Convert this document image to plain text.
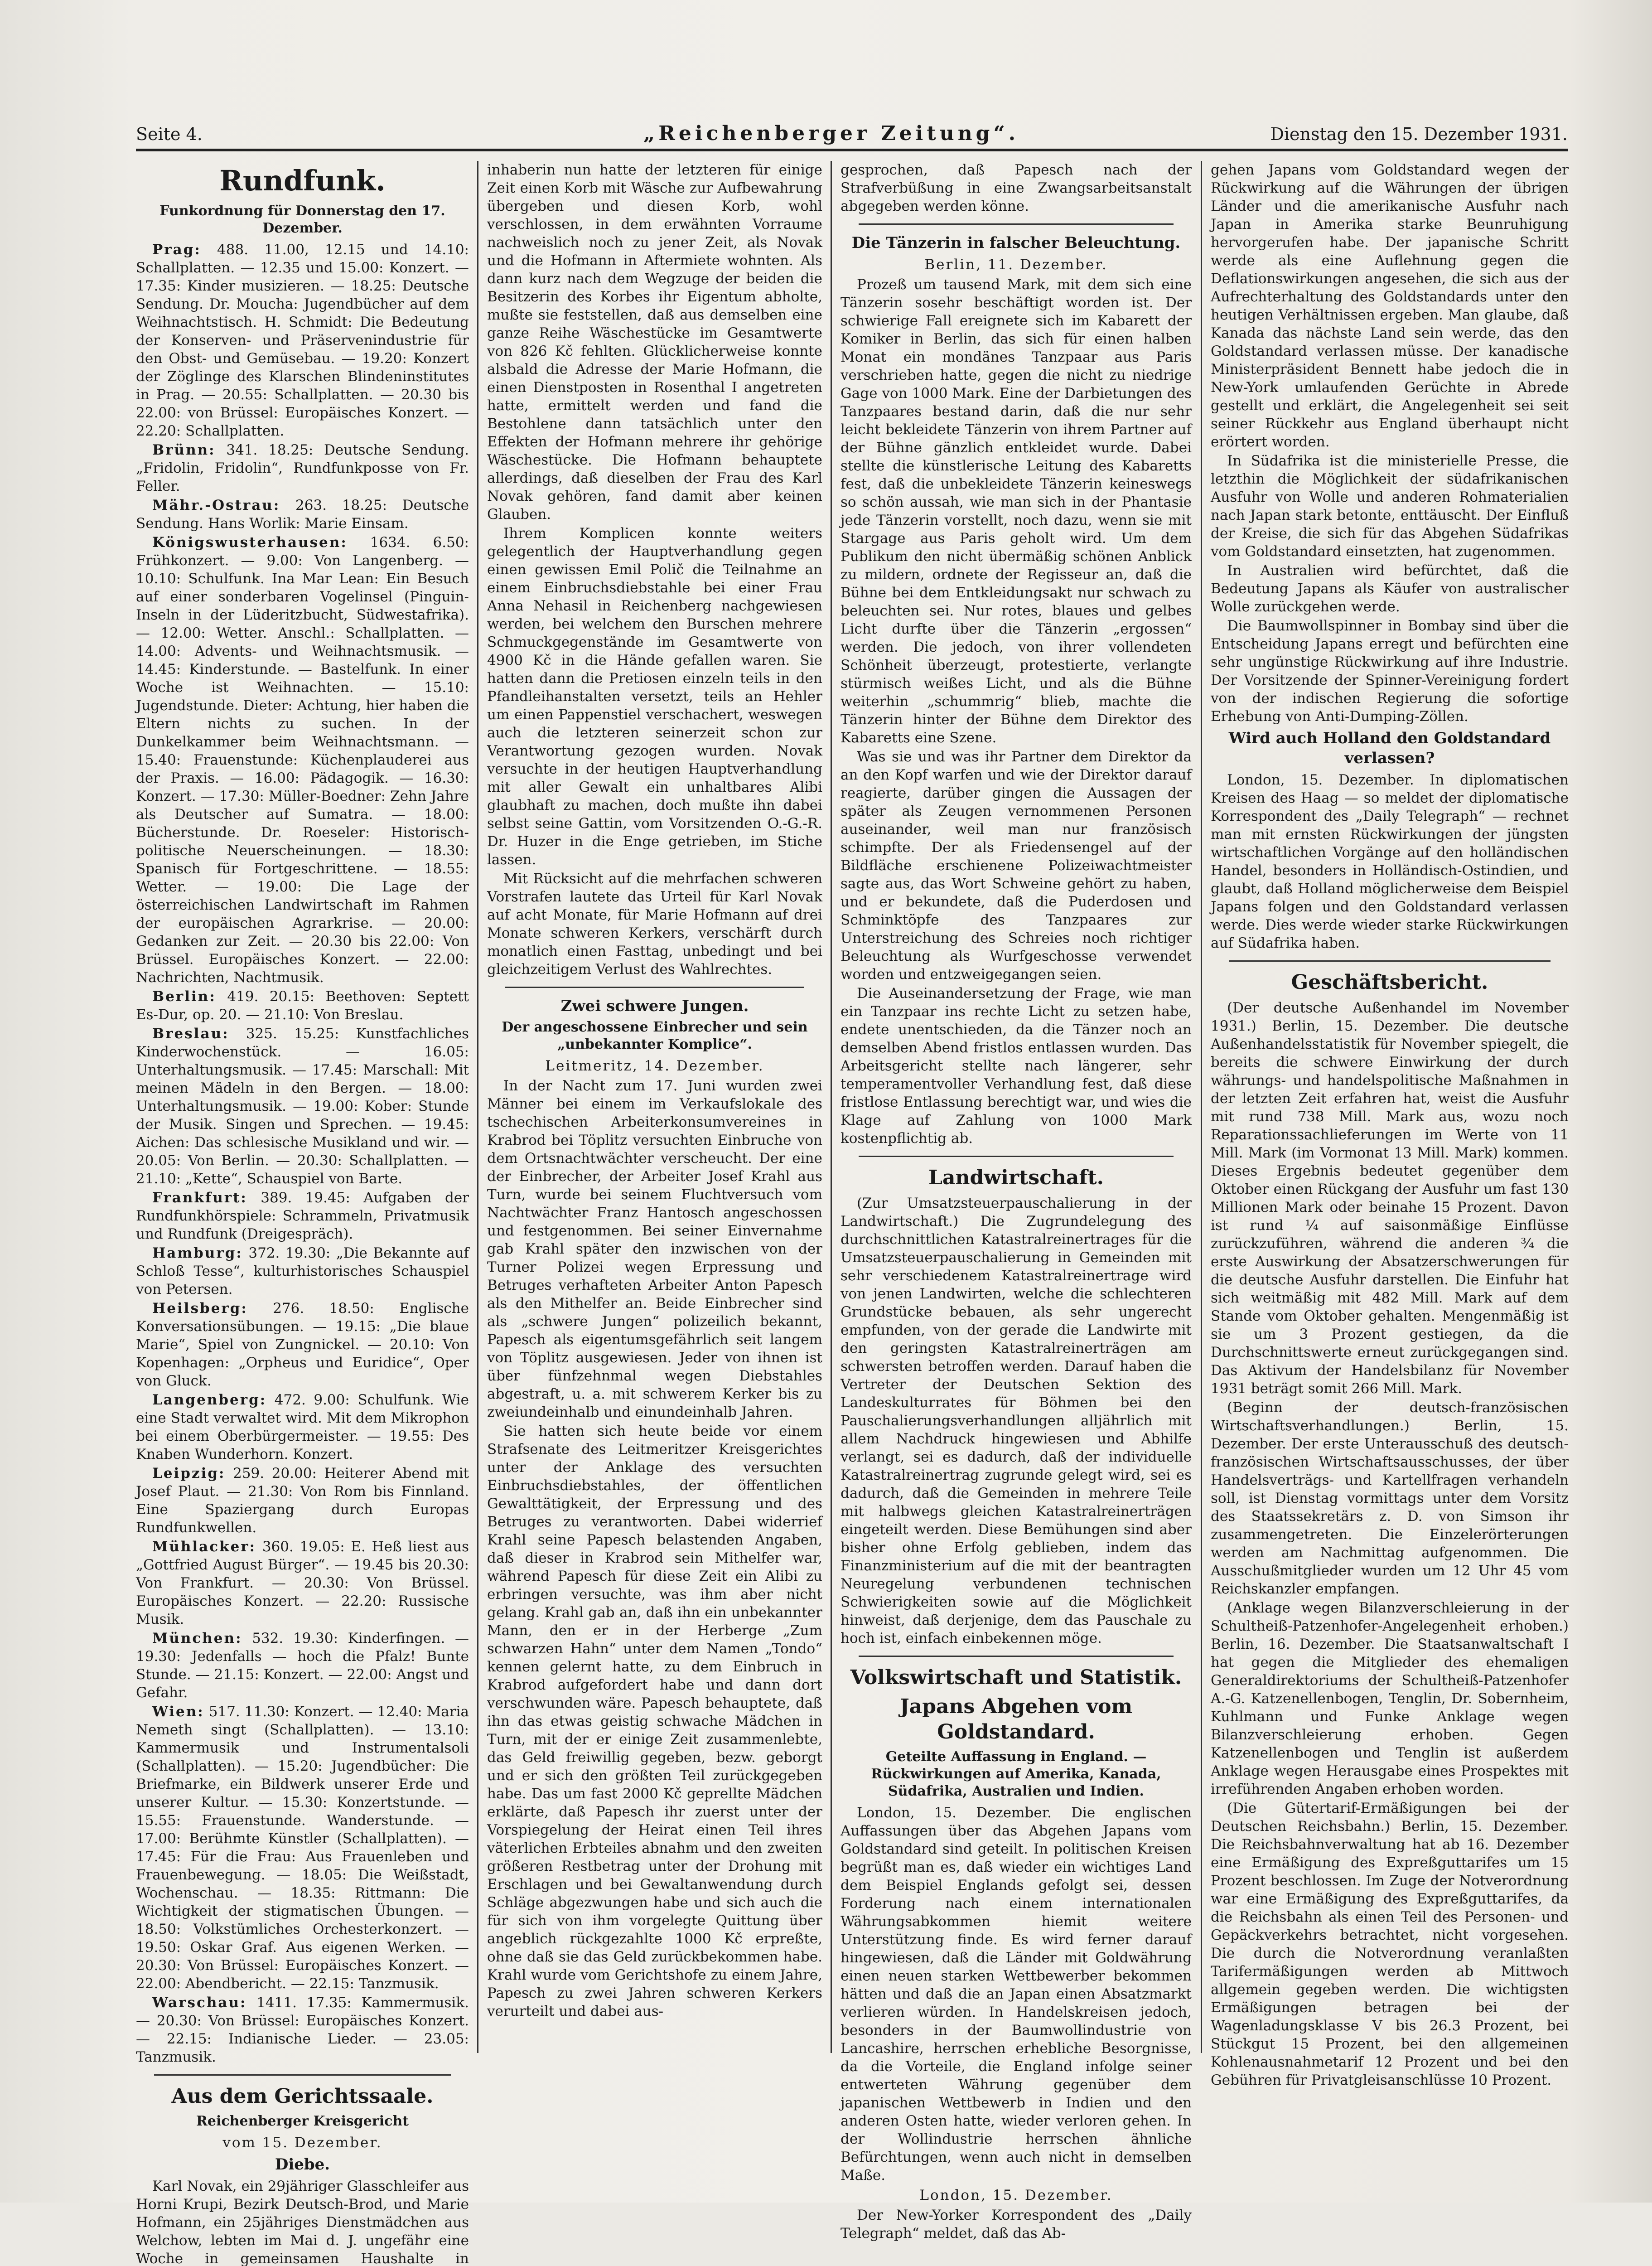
Seite 4.	„Reichenberger Zeitung“.	Dienstag den 15. Dezember 1931.
Rundfunk.
Funkordnung für Donnerstag den 17. Dezember.

Prag: 488. 11.00, 12.15 und 14.10: Schallplatten. — 12.35 und 15.00: Konzert. — 17.35: Kinder musizieren. — 18.25: Deutsche Sendung. Dr. Moucha: Jugendbücher auf dem Weihnachtstisch. H. Schmidt: Die Bedeutung der Konserven- und Präservenindustrie für den Obst- und Gemüsebau. — 19.20: Konzert der Zöglinge des Klarschen Blindeninstitutes in Prag. — 20.55: Schallplatten. — 20.30 bis 22.00: von Brüssel: Europäisches Konzert. — 22.20: Schallplatten.

Brünn: 341. 18.25: Deutsche Sendung. „Fridolin, Fridolin“, Rundfunkposse von Fr. Feller.

Mähr.-Ostrau: 263. 18.25: Deutsche Sendung. Hans Worlik: Marie Einsam.

Königswusterhausen: 1634. 6.50: Frühkonzert. — 9.00: Von Langenberg. — 10.10: Schulfunk. Ina Mar Lean: Ein Besuch auf einer sonderbaren Vogelinsel (Pinguin-Inseln in der Lüderitzbucht, Südwestafrika). — 12.00: Wetter. Anschl.: Schallplatten. — 14.00: Advents- und Weihnachtsmusik. — 14.45: Kinderstunde. — Bastelfunk. In einer Woche ist Weihnachten. — 15.10: Jugendstunde. Dieter: Achtung, hier haben die Eltern nichts zu suchen. In der Dunkelkammer beim Weihnachtsmann. — 15.40: Frauenstunde: Küchenplauderei aus der Praxis. — 16.00: Pädagogik. — 16.30: Konzert. — 17.30: Müller-Boedner: Zehn Jahre als Deutscher auf Sumatra. — 18.00: Bücherstunde. Dr. Roeseler: Historisch-politische Neuerscheinungen. — 18.30: Spanisch für Fortgeschrittene. — 18.55: Wetter. — 19.00: Die Lage der österreichischen Landwirtschaft im Rahmen der europäischen Agrarkrise. — 20.00: Gedanken zur Zeit. — 20.30 bis 22.00: Von Brüssel. Europäisches Konzert. — 22.00: Nachrichten, Nachtmusik.

Berlin: 419. 20.15: Beethoven: Septett Es-Dur, op. 20. — 21.10: Von Breslau.

Breslau: 325. 15.25: Kunstfachliches Kinderwochenstück. — 16.05: Unterhaltungsmusik. — 17.45: Marschall: Mit meinen Mädeln in den Bergen. — 18.00: Unterhaltungsmusik. — 19.00: Kober: Stunde der Musik. Singen und Sprechen. — 19.45: Aichen: Das schlesische Musikland und wir. — 20.05: Von Berlin. — 20.30: Schallplatten. — 21.10: „Kette“, Schauspiel von Barte.

Frankfurt: 389. 19.45: Aufgaben der Rundfunkhörspiele: Schrammeln, Privatmusik und Rundfunk (Dreigespräch).

Hamburg: 372. 19.30: „Die Bekannte auf Schloß Tesse“, kulturhistorisches Schauspiel von Petersen.

Heilsberg: 276. 18.50: Englische Konversationsübungen. — 19.15: „Die blaue Marie“, Spiel von Zungnickel. — 20.10: Von Kopenhagen: „Orpheus und Euridice“, Oper von Gluck.

Langenberg: 472. 9.00: Schulfunk. Wie eine Stadt verwaltet wird. Mit dem Mikrophon bei einem Oberbürgermeister. — 19.55: Des Knaben Wunderhorn. Konzert.

Leipzig: 259. 20.00: Heiterer Abend mit Josef Plaut. — 21.30: Von Rom bis Finnland. Eine Spaziergang durch Europas Rundfunkwellen.

Mühlacker: 360. 19.05: E. Heß liest aus „Gottfried August Bürger“. — 19.45 bis 20.30: Von Frankfurt. — 20.30: Von Brüssel. Europäisches Konzert. — 22.20: Russische Musik.

München: 532. 19.30: Kinderfingen. — 19.30: Jedenfalls — hoch die Pfalz! Bunte Stunde. — 21.15: Konzert. — 22.00: Angst und Gefahr.

Wien: 517. 11.30: Konzert. — 12.40: Maria Nemeth singt (Schallplatten). — 13.10: Kammermusik und Instrumentalsoli (Schallplatten). — 15.20: Jugendbücher: Die Briefmarke, ein Bildwerk unserer Erde und unserer Kultur. — 15.30: Konzertstunde. — 15.55: Frauenstunde. Wanderstunde. — 17.00: Berühmte Künstler (Schallplatten). — 17.45: Für die Frau: Aus Frauenleben und Frauenbewegung. — 18.05: Die Weißstadt, Wochenschau. — 18.35: Rittmann: Die Wichtigkeit der stigmatischen Übungen. — 18.50: Volkstümliches Orchesterkonzert. — 19.50: Oskar Graf. Aus eigenen Werken. — 20.30: Von Brüssel: Europäisches Konzert. — 22.00: Abendbericht. — 22.15: Tanzmusik.

Warschau: 1411. 17.35: Kammermusik. — 20.30: Von Brüssel: Europäisches Konzert. — 22.15: Indianische Lieder. — 23.05: Tanzmusik.

Aus dem Gerichtssaale.
Reichenberger Kreisgericht
vom 15. Dezember.
Diebe.

Karl Novak, ein 29jähriger Glasschleifer aus Horni Krupi, Bezirk Deutsch-Brod, und Marie Hofmann, ein 25jähriges Dienstmädchen aus Welchow, lebten im Mai d. J. ungefähr eine Woche in gemeinsamen Haushalte in

inhaberin nun hatte der letzteren für einige Zeit einen Korb mit Wäsche zur Aufbewahrung übergeben und diesen Korb, wohl verschlossen, in dem erwähnten Vorraume nachweislich noch zu jener Zeit, als Novak und die Hofmann in Aftermiete wohnten. Als dann kurz nach dem Wegzuge der beiden die Besitzerin des Korbes ihr Eigentum abholte, mußte sie feststellen, daß aus demselben eine ganze Reihe Wäschestücke im Gesamtwerte von 826 Kč fehlten. Glücklicherweise konnte alsbald die Adresse der Marie Hofmann, die einen Dienstposten in Rosenthal I angetreten hatte, ermittelt werden und fand die Bestohlene dann tatsächlich unter den Effekten der Hofmann mehrere ihr gehörige Wäschestücke. Die Hofmann behauptete allerdings, daß dieselben der Frau des Karl Novak gehören, fand damit aber keinen Glauben.

Ihrem Komplicen konnte weiters gelegentlich der Hauptverhandlung gegen einen gewissen Emil Polič die Teilnahme an einem Einbruchsdiebstahle bei einer Frau Anna Nehasil in Reichenberg nachgewiesen werden, bei welchem den Burschen mehrere Schmuckgegenstände im Gesamtwerte von 4900 Kč in die Hände gefallen waren. Sie hatten dann die Pretiosen einzeln teils in den Pfandleihanstalten versetzt, teils an Hehler um einen Pappenstiel verschachert, weswegen auch die letzteren seinerzeit schon zur Verantwortung gezogen wurden. Novak versuchte in der heutigen Hauptverhandlung mit aller Gewalt ein unhaltbares Alibi glaubhaft zu machen, doch mußte ihn dabei selbst seine Gattin, vom Vorsitzenden O.-G.-R. Dr. Huzer in die Enge getrieben, im Stiche lassen.

Mit Rücksicht auf die mehrfachen schweren Vorstrafen lautete das Urteil für Karl Novak auf acht Monate, für Marie Hofmann auf drei Monate schweren Kerkers, verschärft durch monatlich einen Fasttag, unbedingt und bei gleichzeitigem Verlust des Wahlrechtes.

Zwei schwere Jungen.
Der angeschossene Einbrecher und sein „unbekannter Komplice“.
Leitmeritz, 14. Dezember.

In der Nacht zum 17. Juni wurden zwei Männer bei einem im Verkaufslokale des tschechischen Arbeiterkonsumvereines in Krabrod bei Töplitz versuchten Einbruche von dem Ortsnachtwächter verscheucht. Der eine der Einbrecher, der Arbeiter Josef Krahl aus Turn, wurde bei seinem Fluchtversuch vom Nachtwächter Franz Hantosch angeschossen und festgenommen. Bei seiner Einvernahme gab Krahl später den inzwischen von der Turner Polizei wegen Erpressung und Betruges verhafteten Arbeiter Anton Papesch als den Mithelfer an. Beide Einbrecher sind als „schwere Jungen“ polizeilich bekannt, Papesch als eigentumsgefährlich seit langem von Töplitz ausgewiesen. Jeder von ihnen ist über fünfzehnmal wegen Diebstahles abgestraft, u. a. mit schwerem Kerker bis zu zweiundeinhalb und einundeinhalb Jahren.

Sie hatten sich heute beide vor einem Strafsenate des Leitmeritzer Kreisgerichtes unter der Anklage des versuchten Einbruchsdiebstahles, der öffentlichen Gewalttätigkeit, der Erpressung und des Betruges zu verantworten. Dabei widerrief Krahl seine Papesch belastenden Angaben, daß dieser in Krabrod sein Mithelfer war, während Papesch für diese Zeit ein Alibi zu erbringen versuchte, was ihm aber nicht gelang. Krahl gab an, daß ihn ein unbekannter Mann, den er in der Herberge „Zum schwarzen Hahn“ unter dem Namen „Tondo“ kennen gelernt hatte, zu dem Einbruch in Krabrod aufgefordert habe und dann dort verschwunden wäre. Papesch behauptete, daß ihn das etwas geistig schwache Mädchen in Turn, mit der er einige Zeit zusammenlebte, das Geld freiwillig gegeben, bezw. geborgt und er sich den größten Teil zurückgegeben habe. Das um fast 2000 Kč geprellte Mädchen erklärte, daß Papesch ihr zuerst unter der Vorspiegelung der Heirat einen Teil ihres väterlichen Erbteiles abnahm und den zweiten größeren Restbetrag unter der Drohung mit Erschlagen und bei Gewaltanwendung durch Schläge abgezwungen habe und sich auch die für sich von ihm vorgelegte Quittung über angeblich rückgezahlte 1000 Kč erpreßte, ohne daß sie das Geld zurückbekommen habe. Krahl wurde vom Gerichtshofe zu einem Jahre, Papesch zu zwei Jahren schweren Kerkers verurteilt und dabei aus-

gesprochen, daß Papesch nach der Strafverbüßung in eine Zwangsarbeitsanstalt abgegeben werden könne.

Die Tänzerin in falscher Beleuchtung.
Berlin, 11. Dezember.

Prozeß um tausend Mark, mit dem sich eine Tänzerin sosehr beschäftigt worden ist. Der schwierige Fall ereignete sich im Kabarett der Komiker in Berlin, das sich für einen halben Monat ein mondänes Tanzpaar aus Paris verschrieben hatte, gegen die nicht zu niedrige Gage von 1000 Mark. Eine der Darbietungen des Tanzpaares bestand darin, daß die nur sehr leicht bekleidete Tänzerin von ihrem Partner auf der Bühne gänzlich entkleidet wurde. Dabei stellte die künstlerische Leitung des Kabaretts fest, daß die unbekleidete Tänzerin keineswegs so schön aussah, wie man sich in der Phantasie jede Tänzerin vorstellt, noch dazu, wenn sie mit Stargage aus Paris geholt wird. Um dem Publikum den nicht übermäßig schönen Anblick zu mildern, ordnete der Regisseur an, daß die Bühne bei dem Entkleidungsakt nur schwach zu beleuchten sei. Nur rotes, blaues und gelbes Licht durfte über die Tänzerin „ergossen“ werden. Die jedoch, von ihrer vollendeten Schönheit überzeugt, protestierte, verlangte stürmisch weißes Licht, und als die Bühne weiterhin „schummrig“ blieb, machte die Tänzerin hinter der Bühne dem Direktor des Kabaretts eine Szene.

Was sie und was ihr Partner dem Direktor da an den Kopf warfen und wie der Direktor darauf reagierte, darüber gingen die Aussagen der später als Zeugen vernommenen Personen auseinander, weil man nur französisch schimpfte. Der als Friedensengel auf der Bildfläche erschienene Polizeiwachtmeister sagte aus, das Wort Schweine gehört zu haben, und er bekundete, daß die Puderdosen und Schminktöpfe des Tanzpaares zur Unterstreichung des Schreies noch richtiger Beleuchtung als Wurfgeschosse verwendet worden und entzweigegangen seien.

Die Auseinandersetzung der Frage, wie man ein Tanzpaar ins rechte Licht zu setzen habe, endete unentschieden, da die Tänzer noch an demselben Abend fristlos entlassen wurden. Das Arbeitsgericht stellte nach längerer, sehr temperamentvoller Verhandlung fest, daß diese fristlose Entlassung berechtigt war, und wies die Klage auf Zahlung von 1000 Mark kostenpflichtig ab.

Landwirtschaft.

(Zur Umsatzsteuerpauschalierung in der Landwirtschaft.) Die Zugrundelegung des durchschnittlichen Katastralreinertrages für die Umsatzsteuerpauschalierung in Gemeinden mit sehr verschiedenem Katastralreinertrage wird von jenen Landwirten, welche die schlechteren Grundstücke bebauen, als sehr ungerecht empfunden, von der gerade die Landwirte mit den geringsten Katastralreinerträgen am schwersten betroffen werden. Darauf haben die Vertreter der Deutschen Sektion des Landeskulturrates für Böhmen bei den Pauschalierungsverhandlungen alljährlich mit allem Nachdruck hingewiesen und Abhilfe verlangt, sei es dadurch, daß der individuelle Katastralreinertrag zugrunde gelegt wird, sei es dadurch, daß die Gemeinden in mehrere Teile mit halbwegs gleichen Katastralreinerträgen eingeteilt werden. Diese Bemühungen sind aber bisher ohne Erfolg geblieben, indem das Finanzministerium auf die mit der beantragten Neuregelung verbundenen technischen Schwierigkeiten sowie auf die Möglichkeit hinweist, daß derjenige, dem das Pauschale zu hoch ist, einfach einbekennen möge.

Volkswirtschaft und Statistik.
Japans Abgehen vom Goldstandard.
Geteilte Auffassung in England. — Rückwirkungen auf Amerika, Kanada, Südafrika, Australien und Indien.

London, 15. Dezember. Die englischen Auffassungen über das Abgehen Japans vom Goldstandard sind geteilt. In politischen Kreisen begrüßt man es, daß wieder ein wichtiges Land dem Beispiel Englands gefolgt sei, dessen Forderung nach einem internationalen Währungsabkommen hiemit weitere Unterstützung finde. Es wird ferner darauf hingewiesen, daß die Länder mit Goldwährung einen neuen starken Wettbewerber bekommen hätten und daß die an Japan einen Absatzmarkt verlieren würden. In Handelskreisen jedoch, besonders in der Baumwollindustrie von Lancashire, herrschen erhebliche Besorgnisse, da die Vorteile, die England infolge seiner entwerteten Währung gegenüber dem japanischen Wettbewerb in Indien und den anderen Osten hatte, wieder verloren gehen. In der Wollindustrie herrschen ähnliche Befürchtungen, wenn auch nicht in demselben Maße.

London, 15. Dezember.

Der New-Yorker Korrespondent des „Daily Telegraph“ meldet, daß das Ab-

gehen Japans vom Goldstandard wegen der Rückwirkung auf die Währungen der übrigen Länder und die amerikanische Ausfuhr nach Japan in Amerika starke Beunruhigung hervorgerufen habe. Der japanische Schritt werde als eine Auflehnung gegen die Deflationswirkungen angesehen, die sich aus der Aufrechterhaltung des Goldstandards unter den heutigen Verhältnissen ergeben. Man glaube, daß Kanada das nächste Land sein werde, das den Goldstandard verlassen müsse. Der kanadische Ministerpräsident Bennett habe jedoch die in New-York umlaufenden Gerüchte in Abrede gestellt und erklärt, die Angelegenheit sei seit seiner Rückkehr aus England überhaupt nicht erörtert worden.

In Südafrika ist die ministerielle Presse, die letzthin die Möglichkeit der südafrikanischen Ausfuhr von Wolle und anderen Rohmaterialien nach Japan stark betonte, enttäuscht. Der Einfluß der Kreise, die sich für das Abgehen Südafrikas vom Goldstandard einsetzten, hat zugenommen.

In Australien wird befürchtet, daß die Bedeutung Japans als Käufer von australischer Wolle zurückgehen werde.

Die Baumwollspinner in Bombay sind über die Entscheidung Japans erregt und befürchten eine sehr ungünstige Rückwirkung auf ihre Industrie. Der Vorsitzende der Spinner-Vereinigung fordert von der indischen Regierung die sofortige Erhebung von Anti-Dumping-Zöllen.

Wird auch Holland den Goldstandard verlassen?

London, 15. Dezember. In diplomatischen Kreisen des Haag — so meldet der diplomatische Korrespondent des „Daily Telegraph“ — rechnet man mit ernsten Rückwirkungen der jüngsten wirtschaftlichen Vorgänge auf den holländischen Handel, besonders in Holländisch-Ostindien, und glaubt, daß Holland möglicherweise dem Beispiel Japans folgen und den Goldstandard verlassen werde. Dies werde wieder starke Rückwirkungen auf Südafrika haben.

Geschäftsbericht.

(Der deutsche Außenhandel im November 1931.) Berlin, 15. Dezember. Die deutsche Außenhandelsstatistik für November spiegelt, die bereits die schwere Einwirkung der durch währungs- und handelspolitische Maßnahmen in der letzten Zeit erfahren hat, weist die Ausfuhr mit rund 738 Mill. Mark aus, wozu noch Reparationssachlieferungen im Werte von 11 Mill. Mark (im Vormonat 13 Mill. Mark) kommen. Dieses Ergebnis bedeutet gegenüber dem Oktober einen Rückgang der Ausfuhr um fast 130 Millionen Mark oder beinahe 15 Prozent. Davon ist rund ¼ auf saisonmäßige Einflüsse zurückzuführen, während die anderen ¾ die erste Auswirkung der Absatzerschwerungen für die deutsche Ausfuhr darstellen. Die Einfuhr hat sich weitmäßig mit 482 Mill. Mark auf dem Stande vom Oktober gehalten. Mengenmäßig ist sie um 3 Prozent gestiegen, da die Durchschnittswerte erneut zurückgegangen sind. Das Aktivum der Handelsbilanz für November 1931 beträgt somit 266 Mill. Mark.

(Beginn der deutsch-französischen Wirtschaftsverhandlungen.) Berlin, 15. Dezember. Der erste Unterausschuß des deutsch-französischen Wirtschaftsausschusses, der über Handelsverträgs- und Kartellfragen verhandeln soll, ist Dienstag vormittags unter dem Vorsitz des Staatssekretärs z. D. von Simson ihr zusammengetreten. Die Einzelerörterungen werden am Nachmittag aufgenommen. Die Ausschußmitglieder wurden um 12 Uhr 45 vom Reichskanzler empfangen.

(Anklage wegen Bilanzverschleierung in der Schultheiß-Patzenhofer-Angelegenheit erhoben.) Berlin, 16. Dezember. Die Staatsanwaltschaft I hat gegen die Mitglieder des ehemaligen Generaldirektoriums der Schultheiß-Patzenhofer A.-G. Katzenellenbogen, Tenglin, Dr. Sobernheim, Kuhlmann und Funke Anklage wegen Bilanzverschleierung erhoben. Gegen Katzenellenbogen und Tenglin ist außerdem Anklage wegen Herausgabe eines Prospektes mit irreführenden Angaben erhoben worden.

(Die Gütertarif-Ermäßigungen bei der Deutschen Reichsbahn.) Berlin, 15. Dezember. Die Reichsbahnverwaltung hat ab 16. Dezember eine Ermäßigung des Expreßguttarifes um 15 Prozent beschlossen. Im Zuge der Notverordnung war eine Ermäßigung des Expreßguttarifes, da die Reichsbahn als einen Teil des Personen- und Gepäckverkehrs betrachtet, nicht vorgesehen. Die durch die Notverordnung veranlaßten Tarifermäßigungen werden ab Mittwoch allgemein gegeben werden. Die wichtigsten Ermäßigungen betragen bei der Wagenladungsklasse V bis 26.3 Prozent, bei Stückgut 15 Prozent, bei den allgemeinen Kohlenausnahmetarif 12 Prozent und bei den Gebühren für Privatgleisanschlüsse 10 Prozent.
